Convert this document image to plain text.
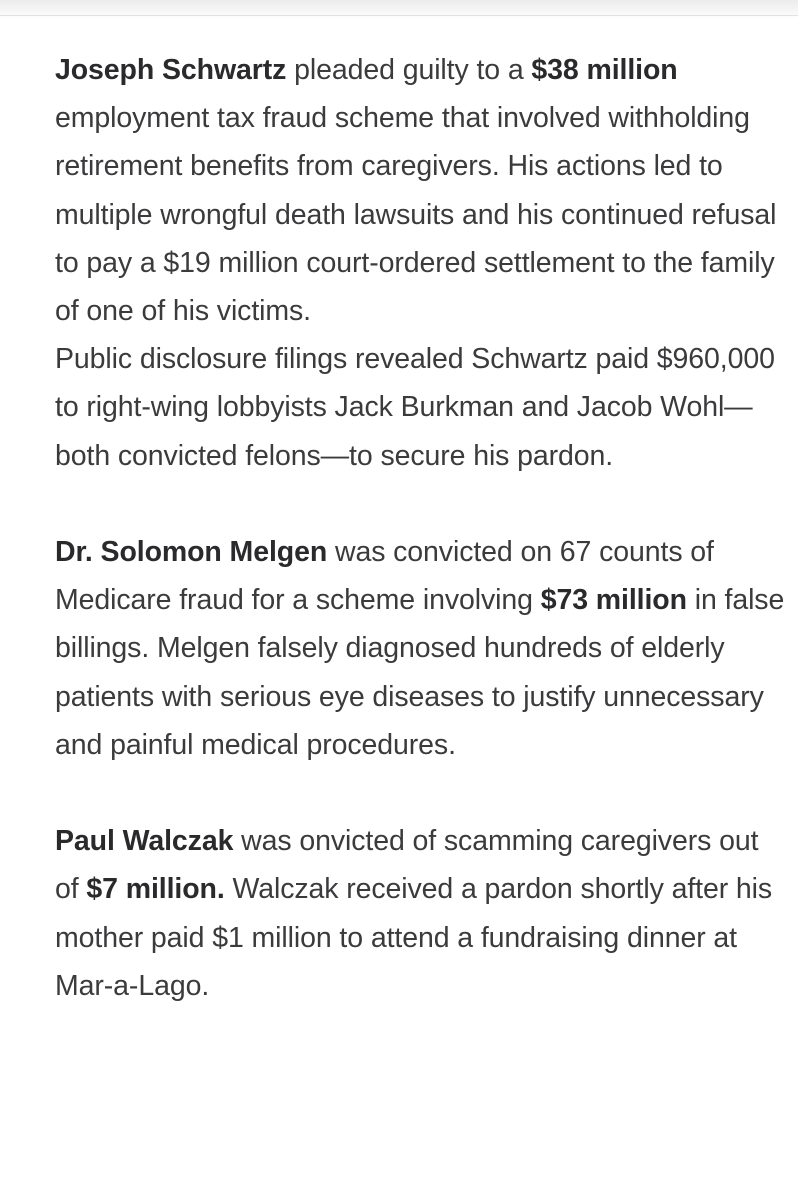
Joseph Schwartz pleaded guilty to a $38 million employment tax fraud scheme that involved withholding retirement benefits from caregivers. His actions led to multiple wrongful death lawsuits and his continued refusal to pay a $19 million court-ordered settlement to the family of one of his victims.

Public disclosure filings revealed Schwartz paid $960,000 to right-wing lobbyists Jack Burkman and Jacob Wohl—both convicted felons—to secure his pardon.

Dr. Solomon Melgen was convicted on 67 counts of Medicare fraud for a scheme involving $73 million in false billings. Melgen falsely diagnosed hundreds of elderly patients with serious eye diseases to justify unnecessary and painful medical procedures.

Paul Walczak was onvicted of scamming caregivers out of $7 million. Walczak received a pardon shortly after his mother paid $1 million to attend a fundraising dinner at Mar-a-Lago.
